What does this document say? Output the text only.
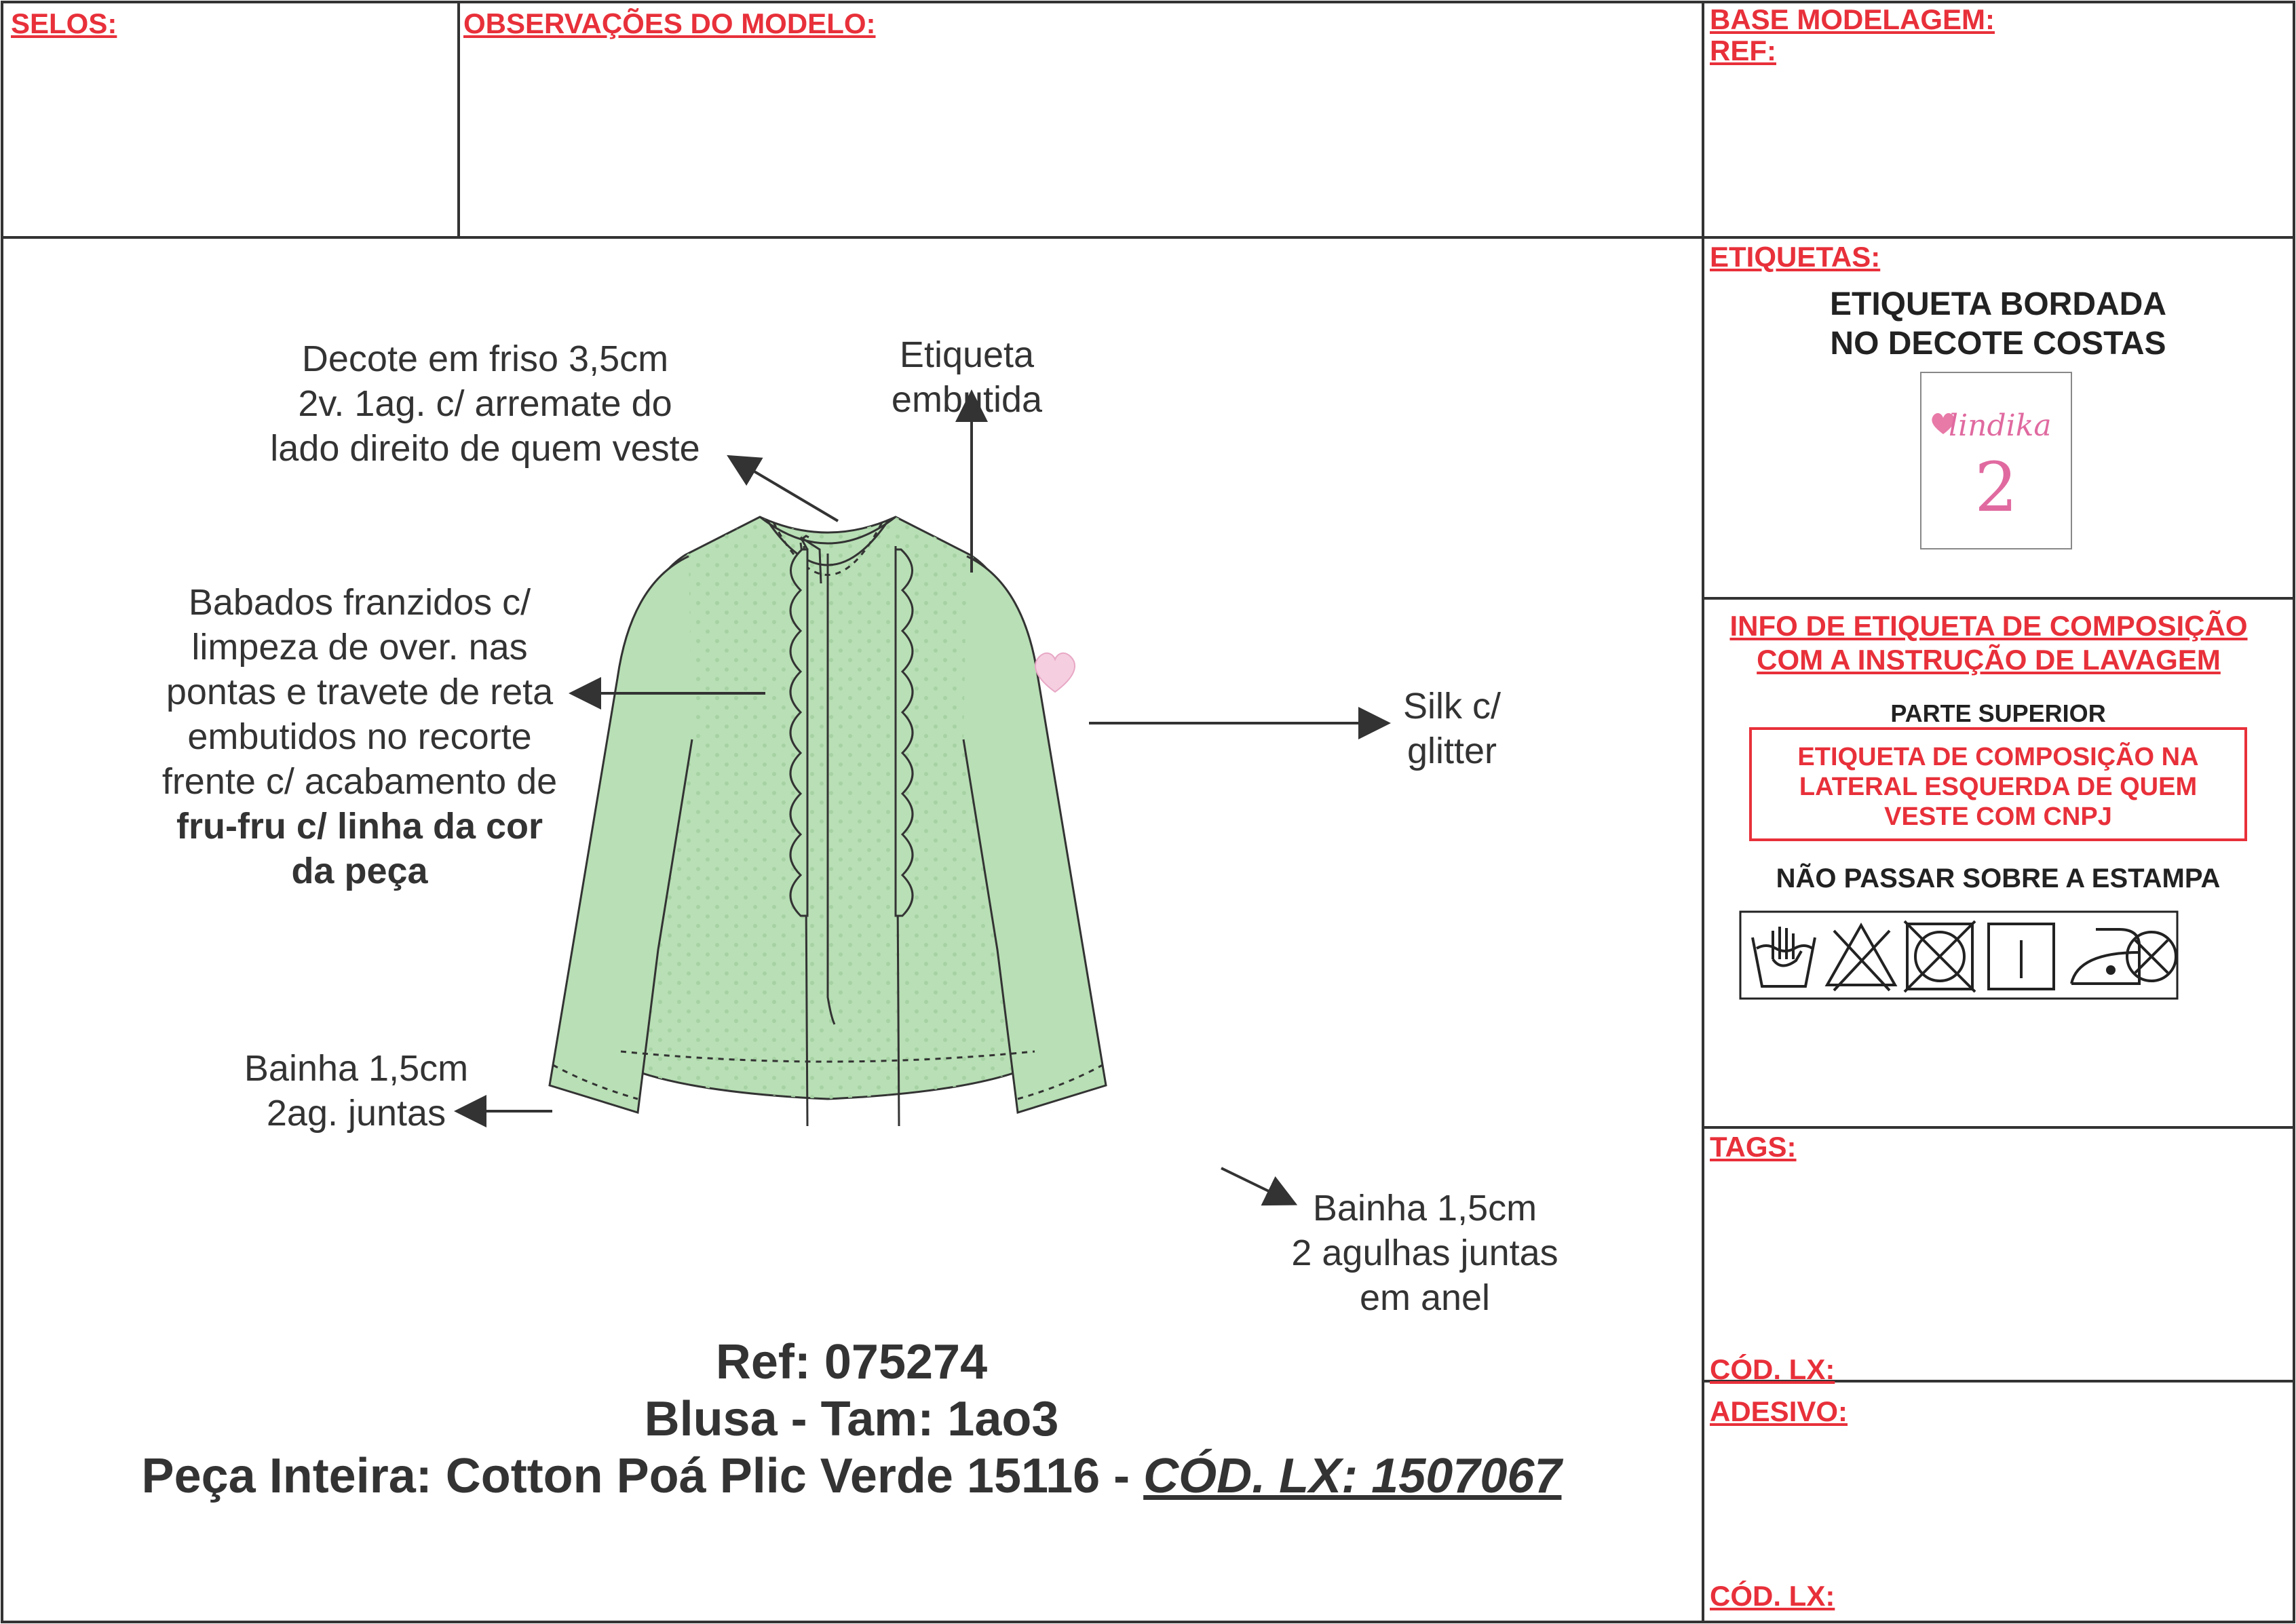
SELOS:	OBSERVAÇÕES DO MODELO:	BASE MODELAGEM:
REF:
ETIQUETAS:
INFO DE ETIQUETA DE COMPOSIÇÃO
COM A INSTRUÇÃO DE LAVAGEM
TAGS:
CÓD. LX:
ADESIVO:
CÓD. LX:
ETIQUETA BORDADA
NO DECOTE COSTAS
lindika
2
PARTE SUPERIOR
ETIQUETA DE COMPOSIÇÃO NA
LATERAL ESQUERDA DE QUEM
VESTE COM CNPJ
NÃO PASSAR SOBRE A ESTAMPA
Decote em friso 3,5cm
2v. 1ag. c/ arremate do
lado direito de quem veste
Etiqueta
embutida
Babados franzidos c/
limpeza de over. nas
pontas e travete de reta
embutidos no recorte
frente c/ acabamento de
fru-fru c/ linha da cor
da peça
Silk c/
glitter
Bainha 1,5cm
2ag. juntas
Bainha 1,5cm
2 agulhas juntas
em anel
Bullet
Ref: 075274
Blusa - Tam: 1ao3
Peça Inteira: Cotton Poá Plic Verde 15116 - CÓD. LX: 1507067
